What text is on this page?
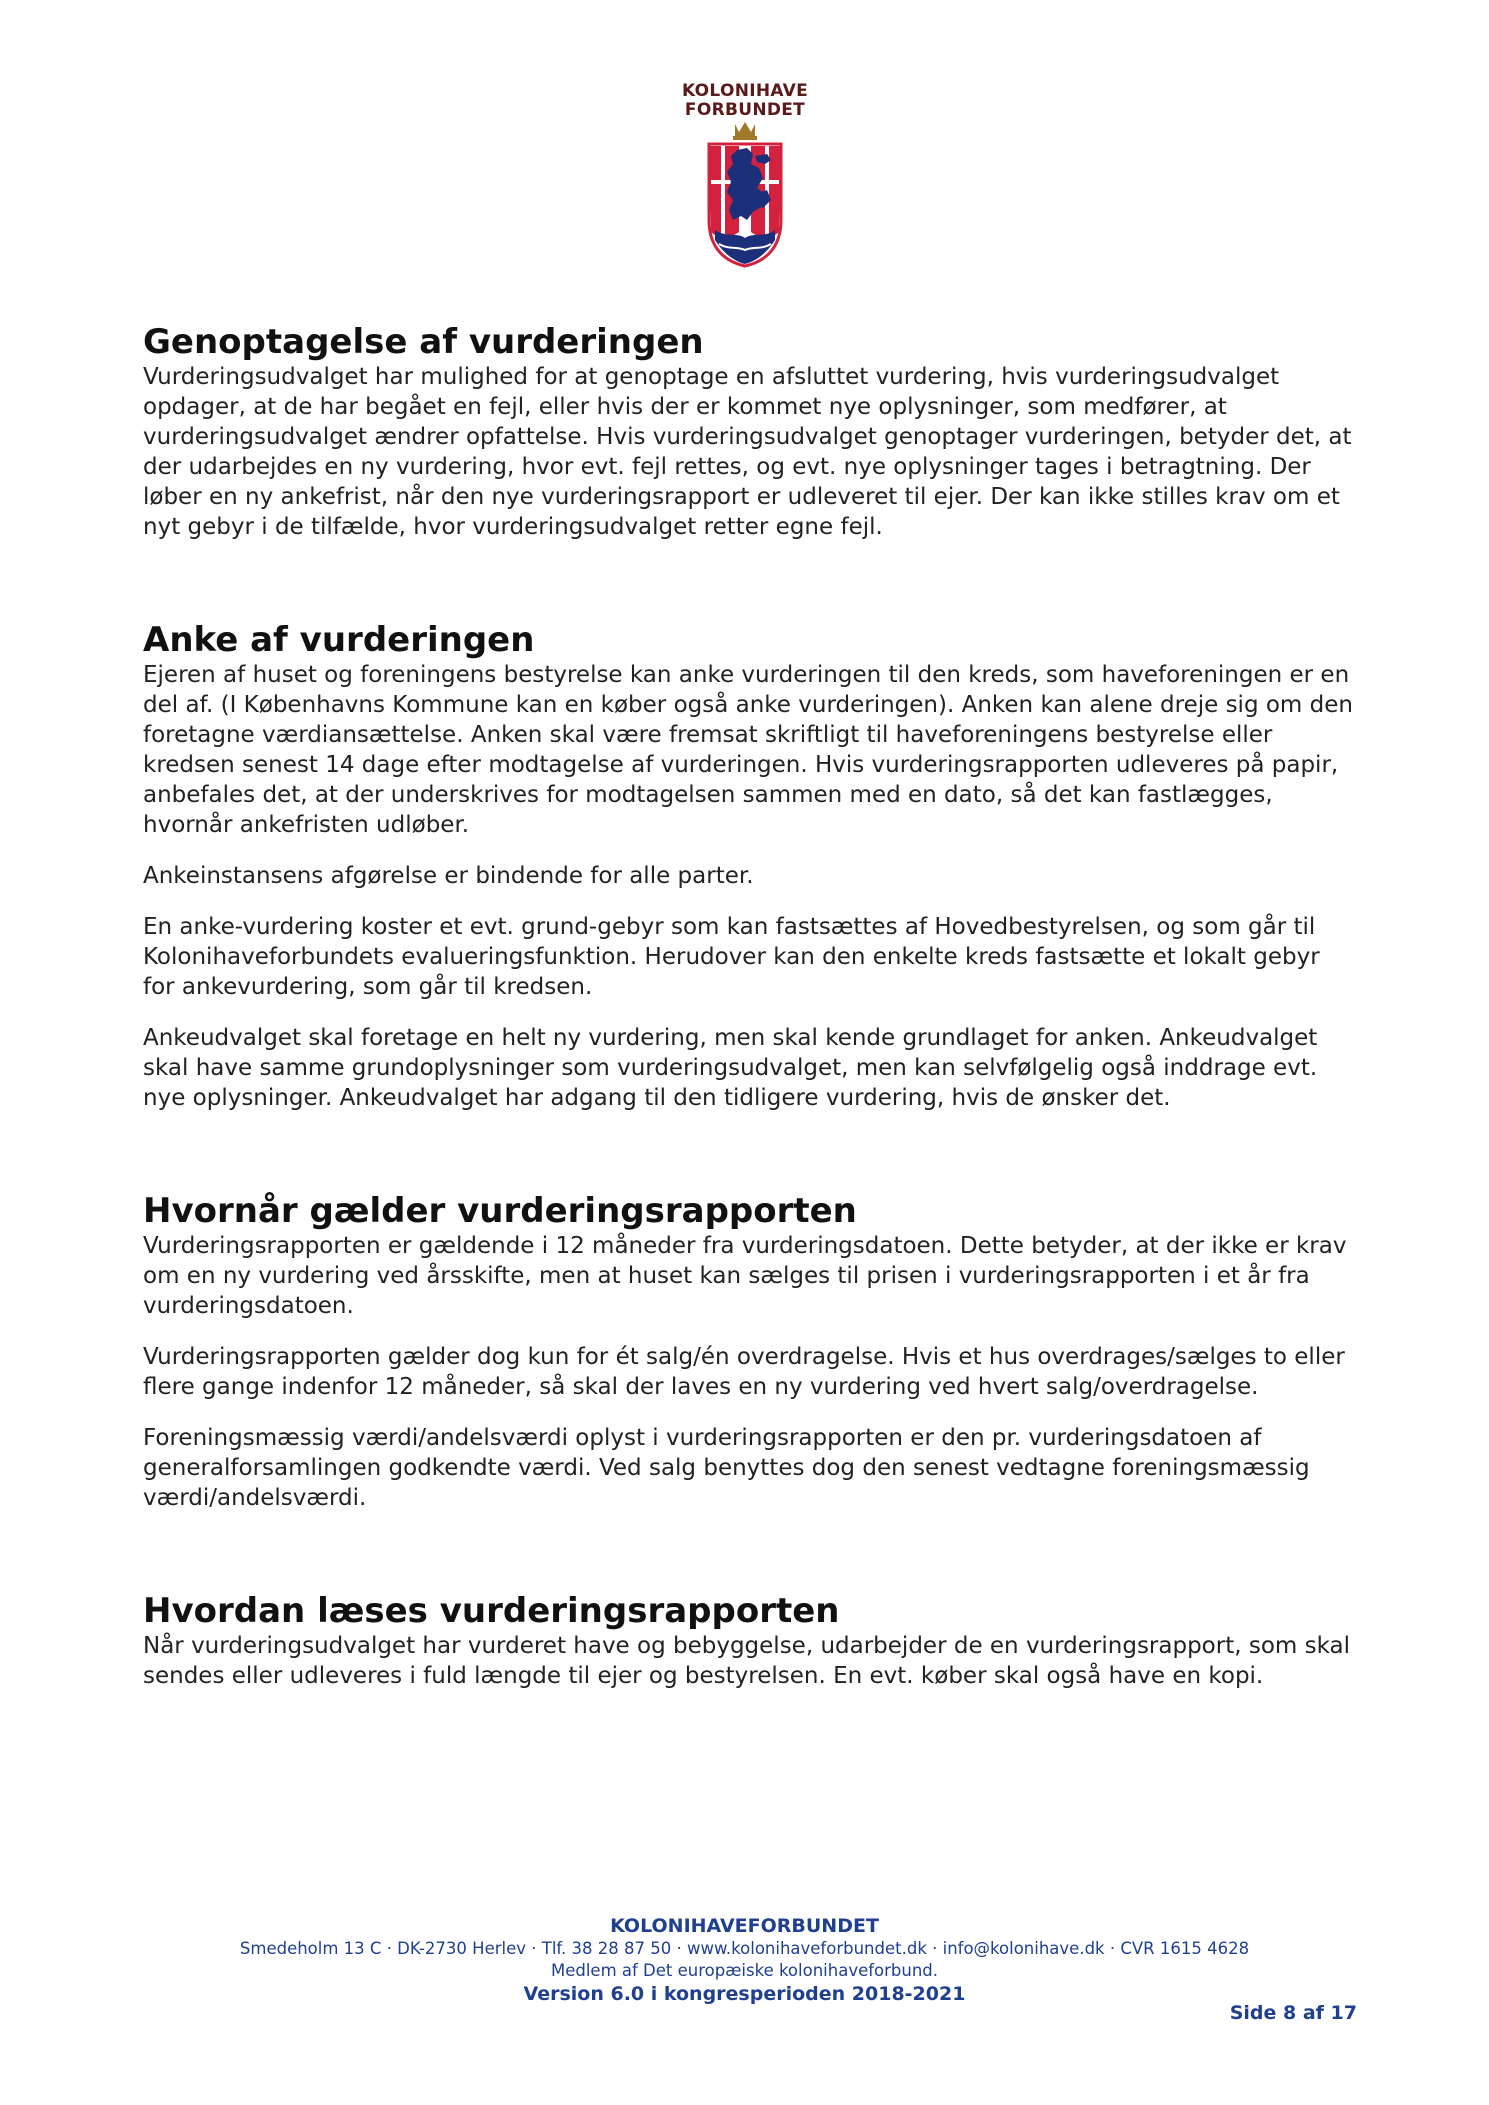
KOLONIHAVE
FORBUNDET
Genoptagelse af vurderingen

Vurderingsudvalget har mulighed for at genoptage en afsluttet vurdering, hvis vurderingsudvalget opdager, at de har begået en fejl, eller hvis der er kommet nye oplysninger, som medfører, at vurderingsudvalget ændrer opfattelse. Hvis vurderingsudvalget genoptager vurderingen, betyder det, at der udarbejdes en ny vurdering, hvor evt. fejl rettes, og evt. nye oplysninger tages i betragtning. Der løber en ny ankefrist, når den nye vurderingsrapport er udleveret til ejer. Der kan ikke stilles krav om et nyt gebyr i de tilfælde, hvor vurderingsudvalget retter egne fejl.

Anke af vurderingen

Ejeren af huset og foreningens bestyrelse kan anke vurderingen til den kreds, som haveforeningen er en del af. (I Københavns Kommune kan en køber også anke vurderingen). Anken kan alene dreje sig om den foretagne værdiansættelse. Anken skal være fremsat skriftligt til haveforeningens bestyrelse eller kredsen senest 14 dage efter modtagelse af vurderingen. Hvis vurderingsrapporten udleveres på papir, anbefales det, at der underskrives for modtagelsen sammen med en dato, så det kan fastlægges, hvornår ankefristen udløber.

Ankeinstansens afgørelse er bindende for alle parter.

En anke-vurdering koster et evt. grund-gebyr som kan fastsættes af Hovedbestyrelsen, og som går til Kolonihaveforbundets evalueringsfunktion. Herudover kan den enkelte kreds fastsætte et lokalt gebyr for ankevurdering, som går til kredsen.

Ankeudvalget skal foretage en helt ny vurdering, men skal kende grundlaget for anken. Ankeudvalget skal have samme grundoplysninger som vurderingsudvalget, men kan selvfølgelig også inddrage evt. nye oplysninger. Ankeudvalget har adgang til den tidligere vurdering, hvis de ønsker det.

Hvornår gælder vurderingsrapporten

Vurderingsrapporten er gældende i 12 måneder fra vurderingsdatoen. Dette betyder, at der ikke er krav om en ny vurdering ved årsskifte, men at huset kan sælges til prisen i vurderingsrapporten i et år fra vurderingsdatoen.

Vurderingsrapporten gælder dog kun for ét salg/én overdragelse. Hvis et hus overdrages/sælges to eller flere gange indenfor 12 måneder, så skal der laves en ny vurdering ved hvert salg/overdragelse.

Foreningsmæssig værdi/andelsværdi oplyst i vurderingsrapporten er den pr. vurderingsdatoen af generalforsamlingen godkendte værdi. Ved salg benyttes dog den senest vedtagne foreningsmæssig værdi/andelsværdi.

Hvordan læses vurderingsrapporten

Når vurderingsudvalget har vurderet have og bebyggelse, udarbejder de en vurderingsrapport, som skal sendes eller udleveres i fuld længde til ejer og bestyrelsen. En evt. køber skal også have en kopi.

KOLONIHAVEFORBUNDET
Smedeholm 13 C · DK-2730 Herlev · Tlf. 38 28 87 50 · www.kolonihaveforbundet.dk · info@kolonihave.dk · CVR 1615 4628
Medlem af Det europæiske kolonihaveforbund.
Version 6.0 i kongresperioden 2018-2021
Side 8 af 17
